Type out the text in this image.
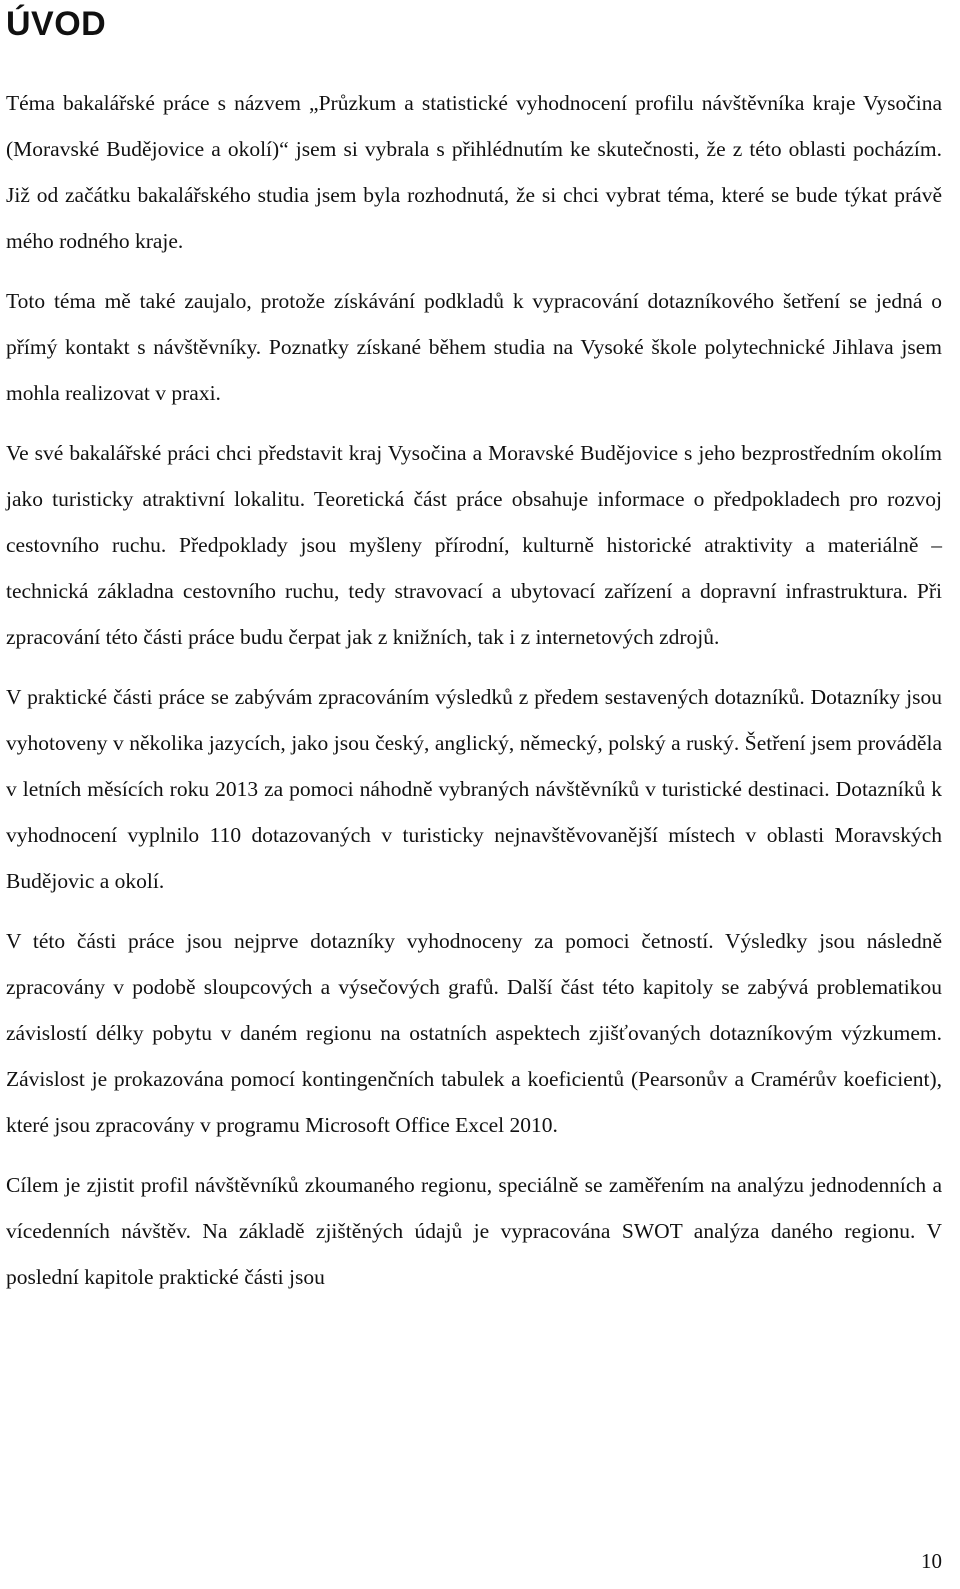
ÚVOD

Téma bakalářské práce s názvem „Průzkum a statistické vyhodnocení profilu návštěvníka kraje Vysočina (Moravské Budějovice a okolí)“ jsem si vybrala s přihlédnutím ke skutečnosti, že z této oblasti pocházím. Již od začátku bakalářského studia jsem byla rozhodnutá, že si chci vybrat téma, které se bude týkat právě mého rodného kraje.

Toto téma mě také zaujalo, protože získávání podkladů k vypracování dotazníkového šetření se jedná o přímý kontakt s návštěvníky. Poznatky získané během studia na Vysoké škole polytechnické Jihlava jsem mohla realizovat v praxi.

Ve své bakalářské práci chci představit kraj Vysočina a Moravské Budějovice s jeho bezprostředním okolím jako turisticky atraktivní lokalitu. Teoretická část práce obsahuje informace o předpokladech pro rozvoj cestovního ruchu. Předpoklady jsou myšleny přírodní, kulturně historické atraktivity a materiálně – technická základna cestovního ruchu, tedy stravovací a ubytovací zařízení a dopravní infrastruktura. Při zpracování této části práce budu čerpat jak z knižních, tak i z internetových zdrojů.

V praktické části práce se zabývám zpracováním výsledků z předem sestavených dotazníků. Dotazníky jsou vyhotoveny v několika jazycích, jako jsou český, anglický, německý, polský a ruský. Šetření jsem prováděla v letních měsících roku 2013 za pomoci náhodně vybraných návštěvníků v turistické destinaci. Dotazníků k vyhodnocení vyplnilo 110 dotazovaných v turisticky nejnavštěvovanější místech v oblasti Moravských Budějovic a okolí.

V této části práce jsou nejprve dotazníky vyhodnoceny za pomoci četností. Výsledky jsou následně zpracovány v podobě sloupcových a výsečových grafů. Další část této kapitoly se zabývá problematikou závislostí délky pobytu v daném regionu na ostatních aspektech zjišťovaných dotazníkovým výzkumem. Závislost je prokazována pomocí kontingenčních tabulek a koeficientů (Pearsonův a Cramérův koeficient), které jsou zpracovány v programu Microsoft Office Excel 2010.

Cílem je zjistit profil návštěvníků zkoumaného regionu, speciálně se zaměřením na analýzu jednodenních a vícedenních návštěv. Na základě zjištěných údajů je vypracována SWOT analýza daného regionu. V poslední kapitole praktické části jsou

10
